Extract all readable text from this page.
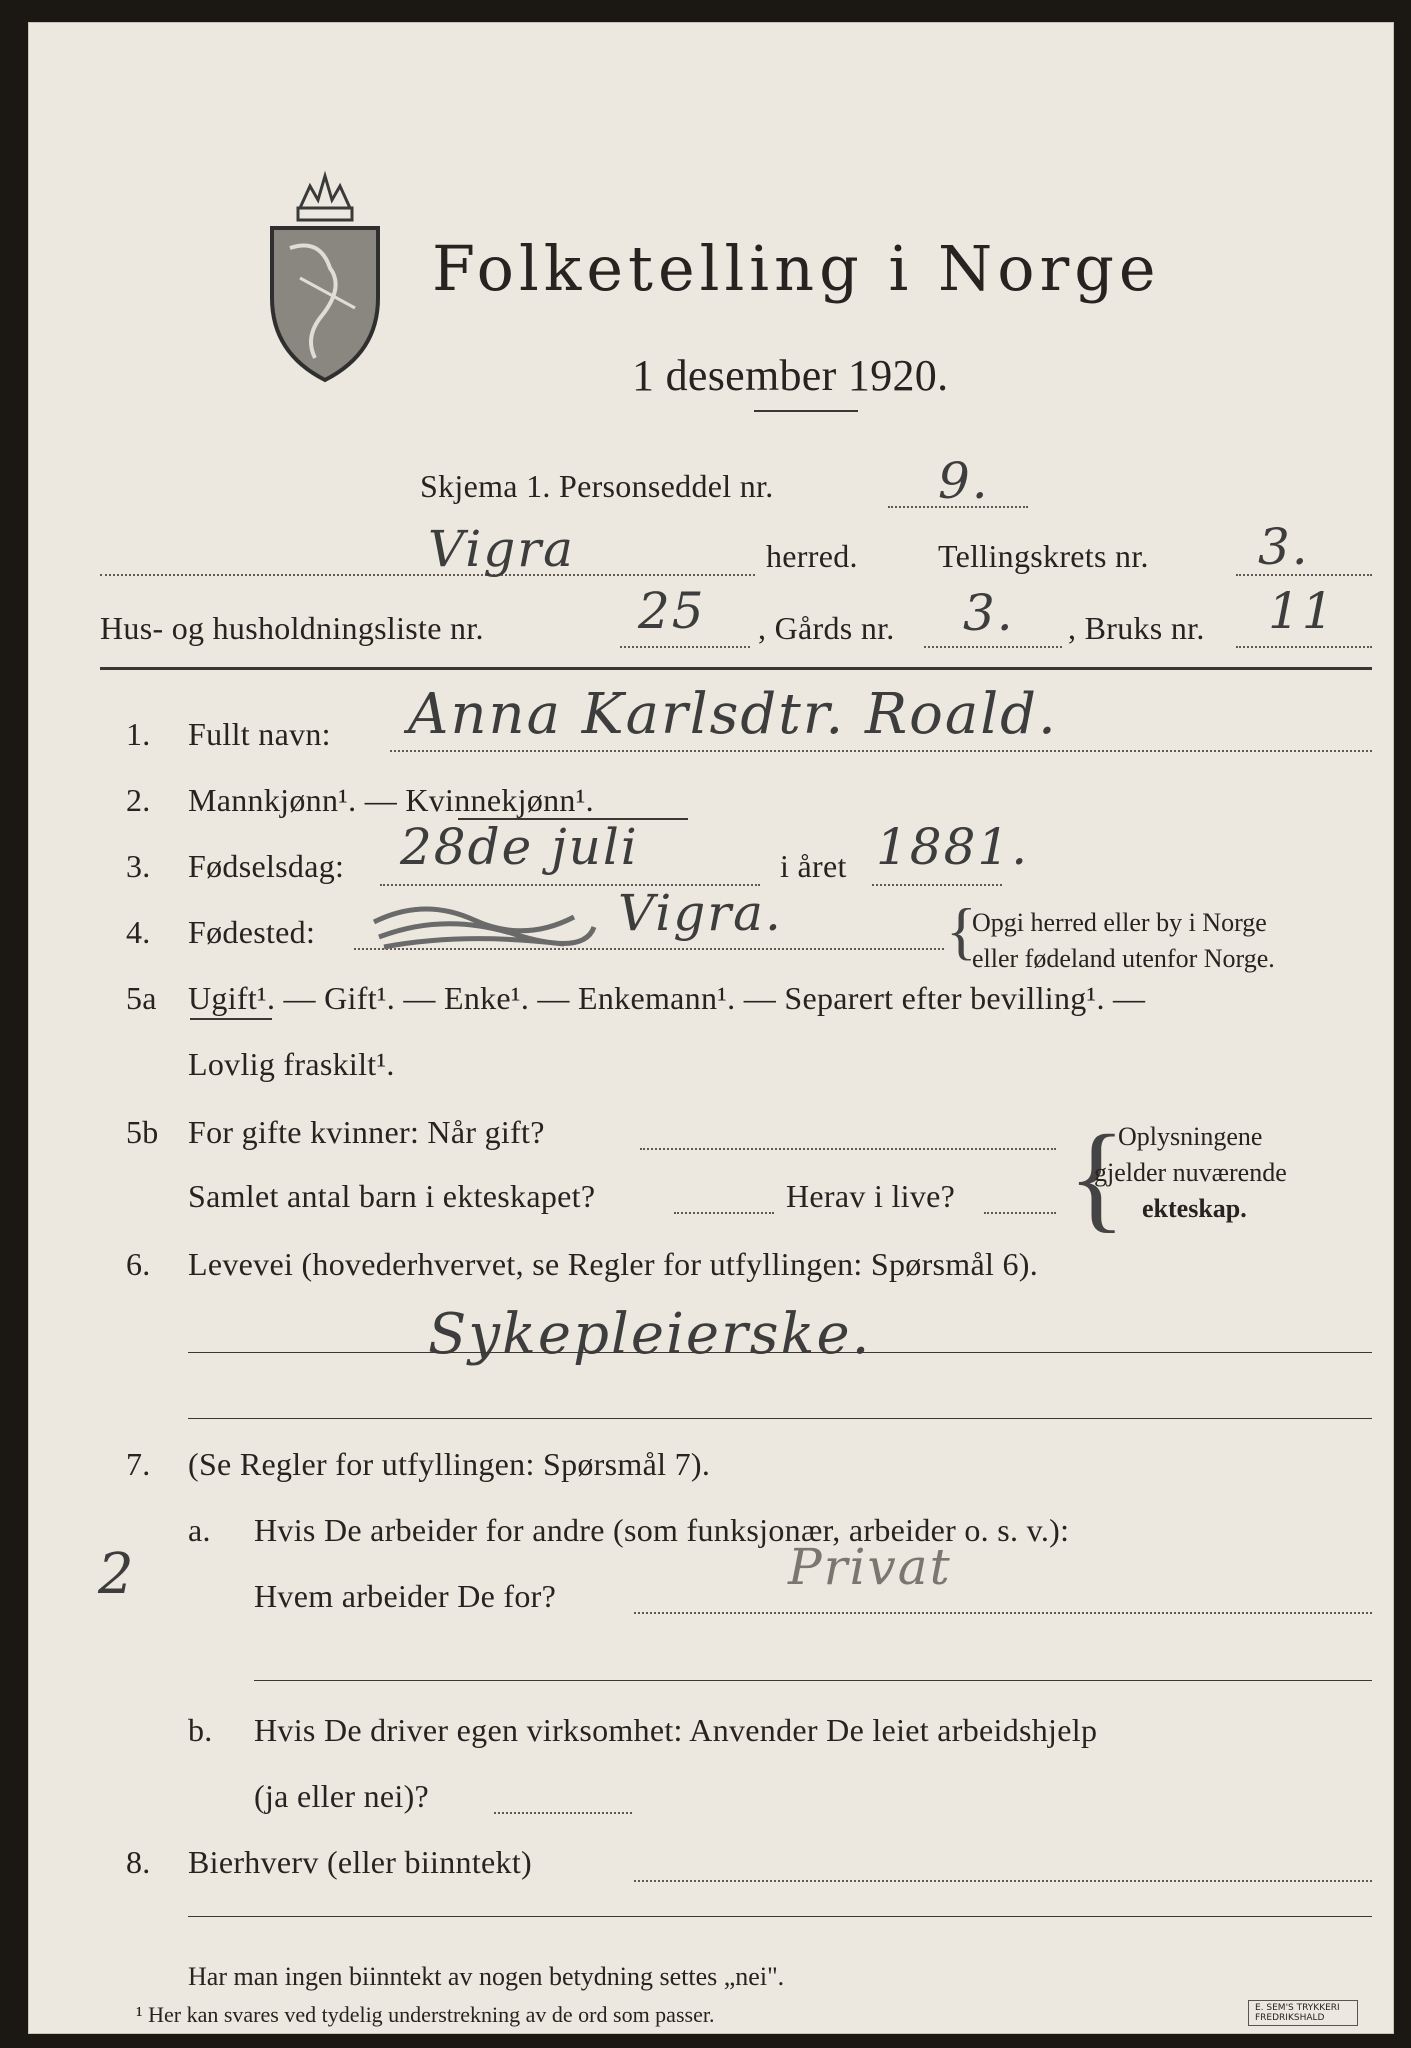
Folketelling i Norge
1 desember 1920.
Skjema 1. Personseddel nr.	9.
Vigra	herred.	Tellingskrets nr. 3.
Hus- og husholdningsliste nr.	25 , Gårds nr. 3. , Bruks nr. 11
1. Fullt navn: Anna Karlsdtr. Roald.
2. Mannkjønn¹. — Kvinnekjønn¹.
3. Fødselsdag: 28de juli	i året 1881.
4. Fødested:	Vigra.	{
Opgi herred eller by i Norge
eller fødeland utenfor Norge.
5a Ugift¹. — Gift¹. — Enke¹. — Enkemann¹. — Separert efter bevilling¹. —
Lovlig fraskilt¹.
5b For gifte kvinner: Når gift?
Samlet antal barn i ekteskapet?	Herav i live? {
Oplysningene
gjelder nuværende
ekteskap.
6. Levevei (hovederhvervet, se Regler for utfyllingen: Spørsmål 6).
Sykepleierske.
7. (Se Regler for utfyllingen: Spørsmål 7).
a. Hvis De arbeider for andre (som funksjonær, arbeider o. s. v.):
2	Hvem arbeider De for?	Privat
b. Hvis De driver egen virksomhet: Anvender De leiet arbeidshjelp
(ja eller nei)?
8. Bierhverv (eller biinntekt)
Har man ingen biinntekt av nogen betydning settes „nei".
¹ Her kan svares ved tydelig understrekning av de ord som passer.	E. SEM'S TRYKKERI FREDRIKSHALD
